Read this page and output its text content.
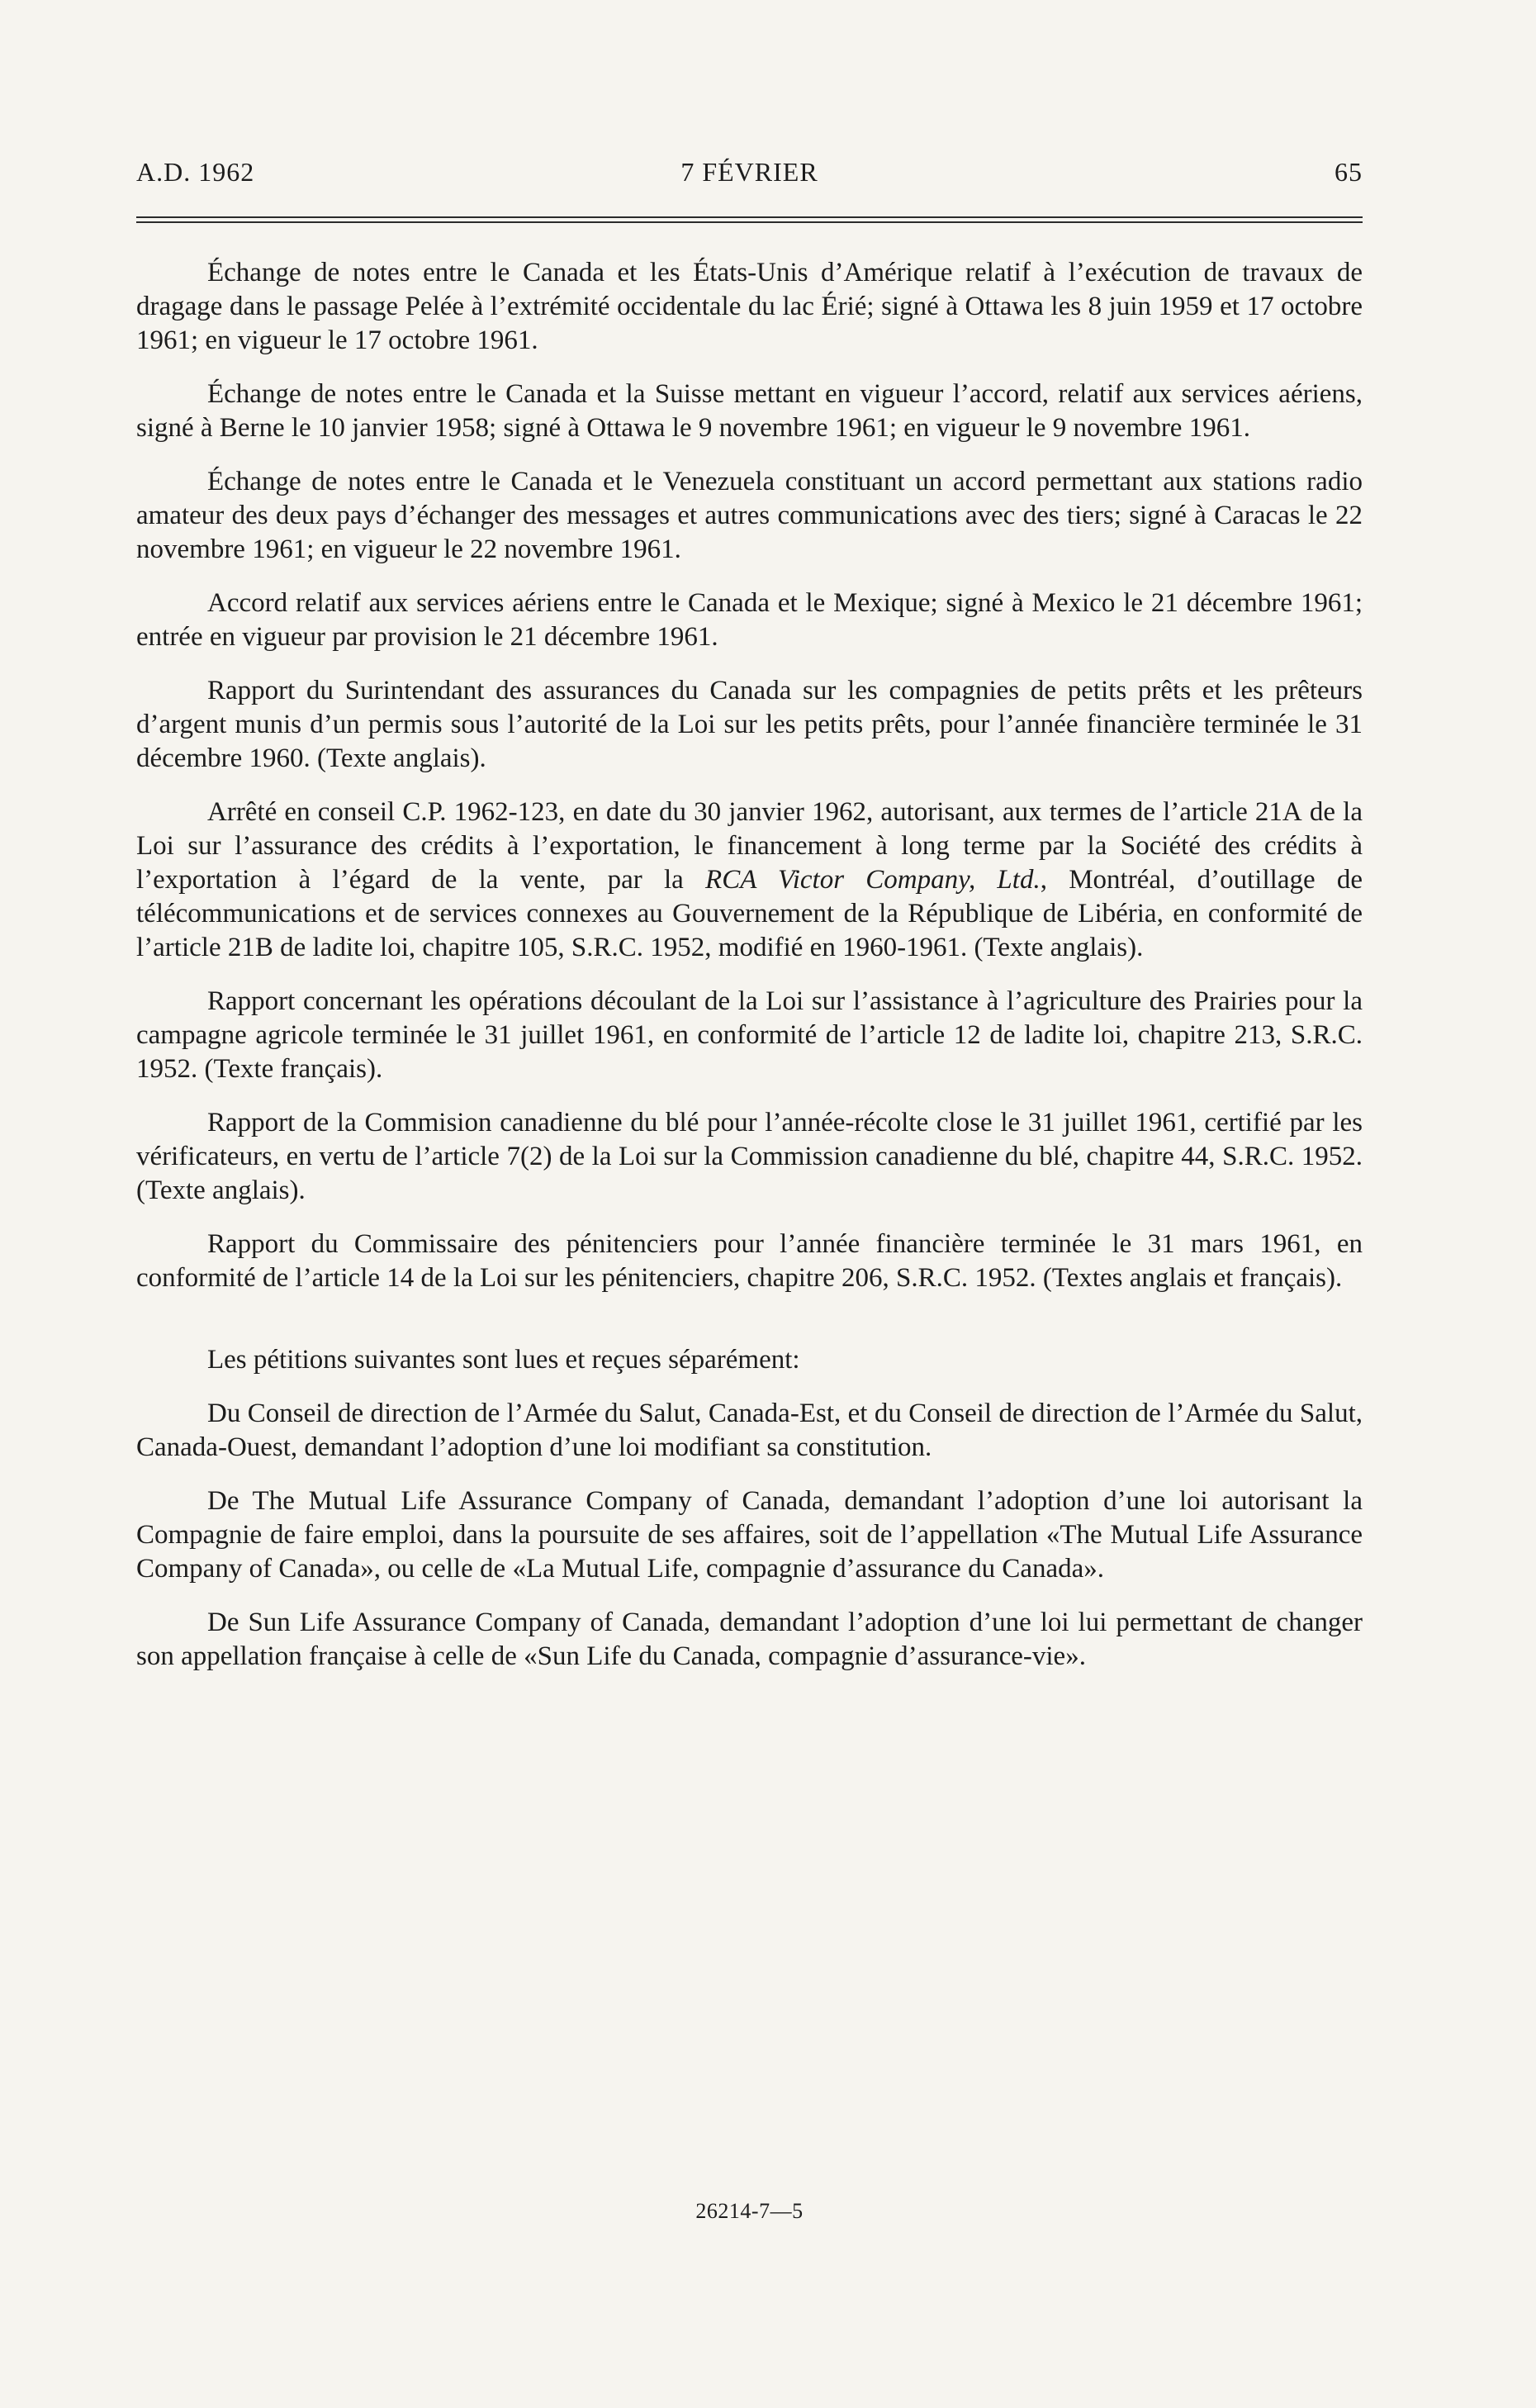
A.D. 1962	7 FÉVRIER	65

Échange de notes entre le Canada et les États-Unis d’Amérique relatif à l’exécution de travaux de dragage dans le passage Pelée à l’extrémité occidentale du lac Érié; signé à Ottawa les 8 juin 1959 et 17 octobre 1961; en vigueur le 17 octobre 1961.

Échange de notes entre le Canada et la Suisse mettant en vigueur l’accord, relatif aux services aériens, signé à Berne le 10 janvier 1958; signé à Ottawa le 9 novembre 1961; en vigueur le 9 novembre 1961.

Échange de notes entre le Canada et le Venezuela constituant un accord permettant aux stations radio amateur des deux pays d’échanger des messages et autres communications avec des tiers; signé à Caracas le 22 novembre 1961; en vigueur le 22 novembre 1961.

Accord relatif aux services aériens entre le Canada et le Mexique; signé à Mexico le 21 décembre 1961; entrée en vigueur par provision le 21 décembre 1961.

Rapport du Surintendant des assurances du Canada sur les compagnies de petits prêts et les prêteurs d’argent munis d’un permis sous l’autorité de la Loi sur les petits prêts, pour l’année financière terminée le 31 décembre 1960. (Texte anglais).

Arrêté en conseil C.P. 1962-123, en date du 30 janvier 1962, autorisant, aux termes de l’article 21A de la Loi sur l’assurance des crédits à l’exportation, le financement à long terme par la Société des crédits à l’exportation à l’égard de la vente, par la RCA Victor Company, Ltd., Montréal, d’outillage de télécommunications et de services connexes au Gouvernement de la République de Libéria, en conformité de l’article 21B de ladite loi, chapitre 105, S.R.C. 1952, modifié en 1960-1961. (Texte anglais).

Rapport concernant les opérations découlant de la Loi sur l’assistance à l’agriculture des Prairies pour la campagne agricole terminée le 31 juillet 1961, en conformité de l’article 12 de ladite loi, chapitre 213, S.R.C. 1952. (Texte français).

Rapport de la Commision canadienne du blé pour l’année-récolte close le 31 juillet 1961, certifié par les vérificateurs, en vertu de l’article 7(2) de la Loi sur la Commission canadienne du blé, chapitre 44, S.R.C. 1952. (Texte anglais).

Rapport du Commissaire des pénitenciers pour l’année financière terminée le 31 mars 1961, en conformité de l’article 14 de la Loi sur les pénitenciers, chapitre 206, S.R.C. 1952. (Textes anglais et français).

Les pétitions suivantes sont lues et reçues séparément:

Du Conseil de direction de l’Armée du Salut, Canada-Est, et du Conseil de direction de l’Armée du Salut, Canada-Ouest, demandant l’adoption d’une loi modifiant sa constitution.

De The Mutual Life Assurance Company of Canada, demandant l’adoption d’une loi autorisant la Compagnie de faire emploi, dans la poursuite de ses affaires, soit de l’appellation «The Mutual Life Assurance Company of Canada», ou celle de «La Mutual Life, compagnie d’assurance du Canada».

De Sun Life Assurance Company of Canada, demandant l’adoption d’une loi lui permettant de changer son appellation française à celle de «Sun Life du Canada, compagnie d’assurance-vie».

26214-7—5
